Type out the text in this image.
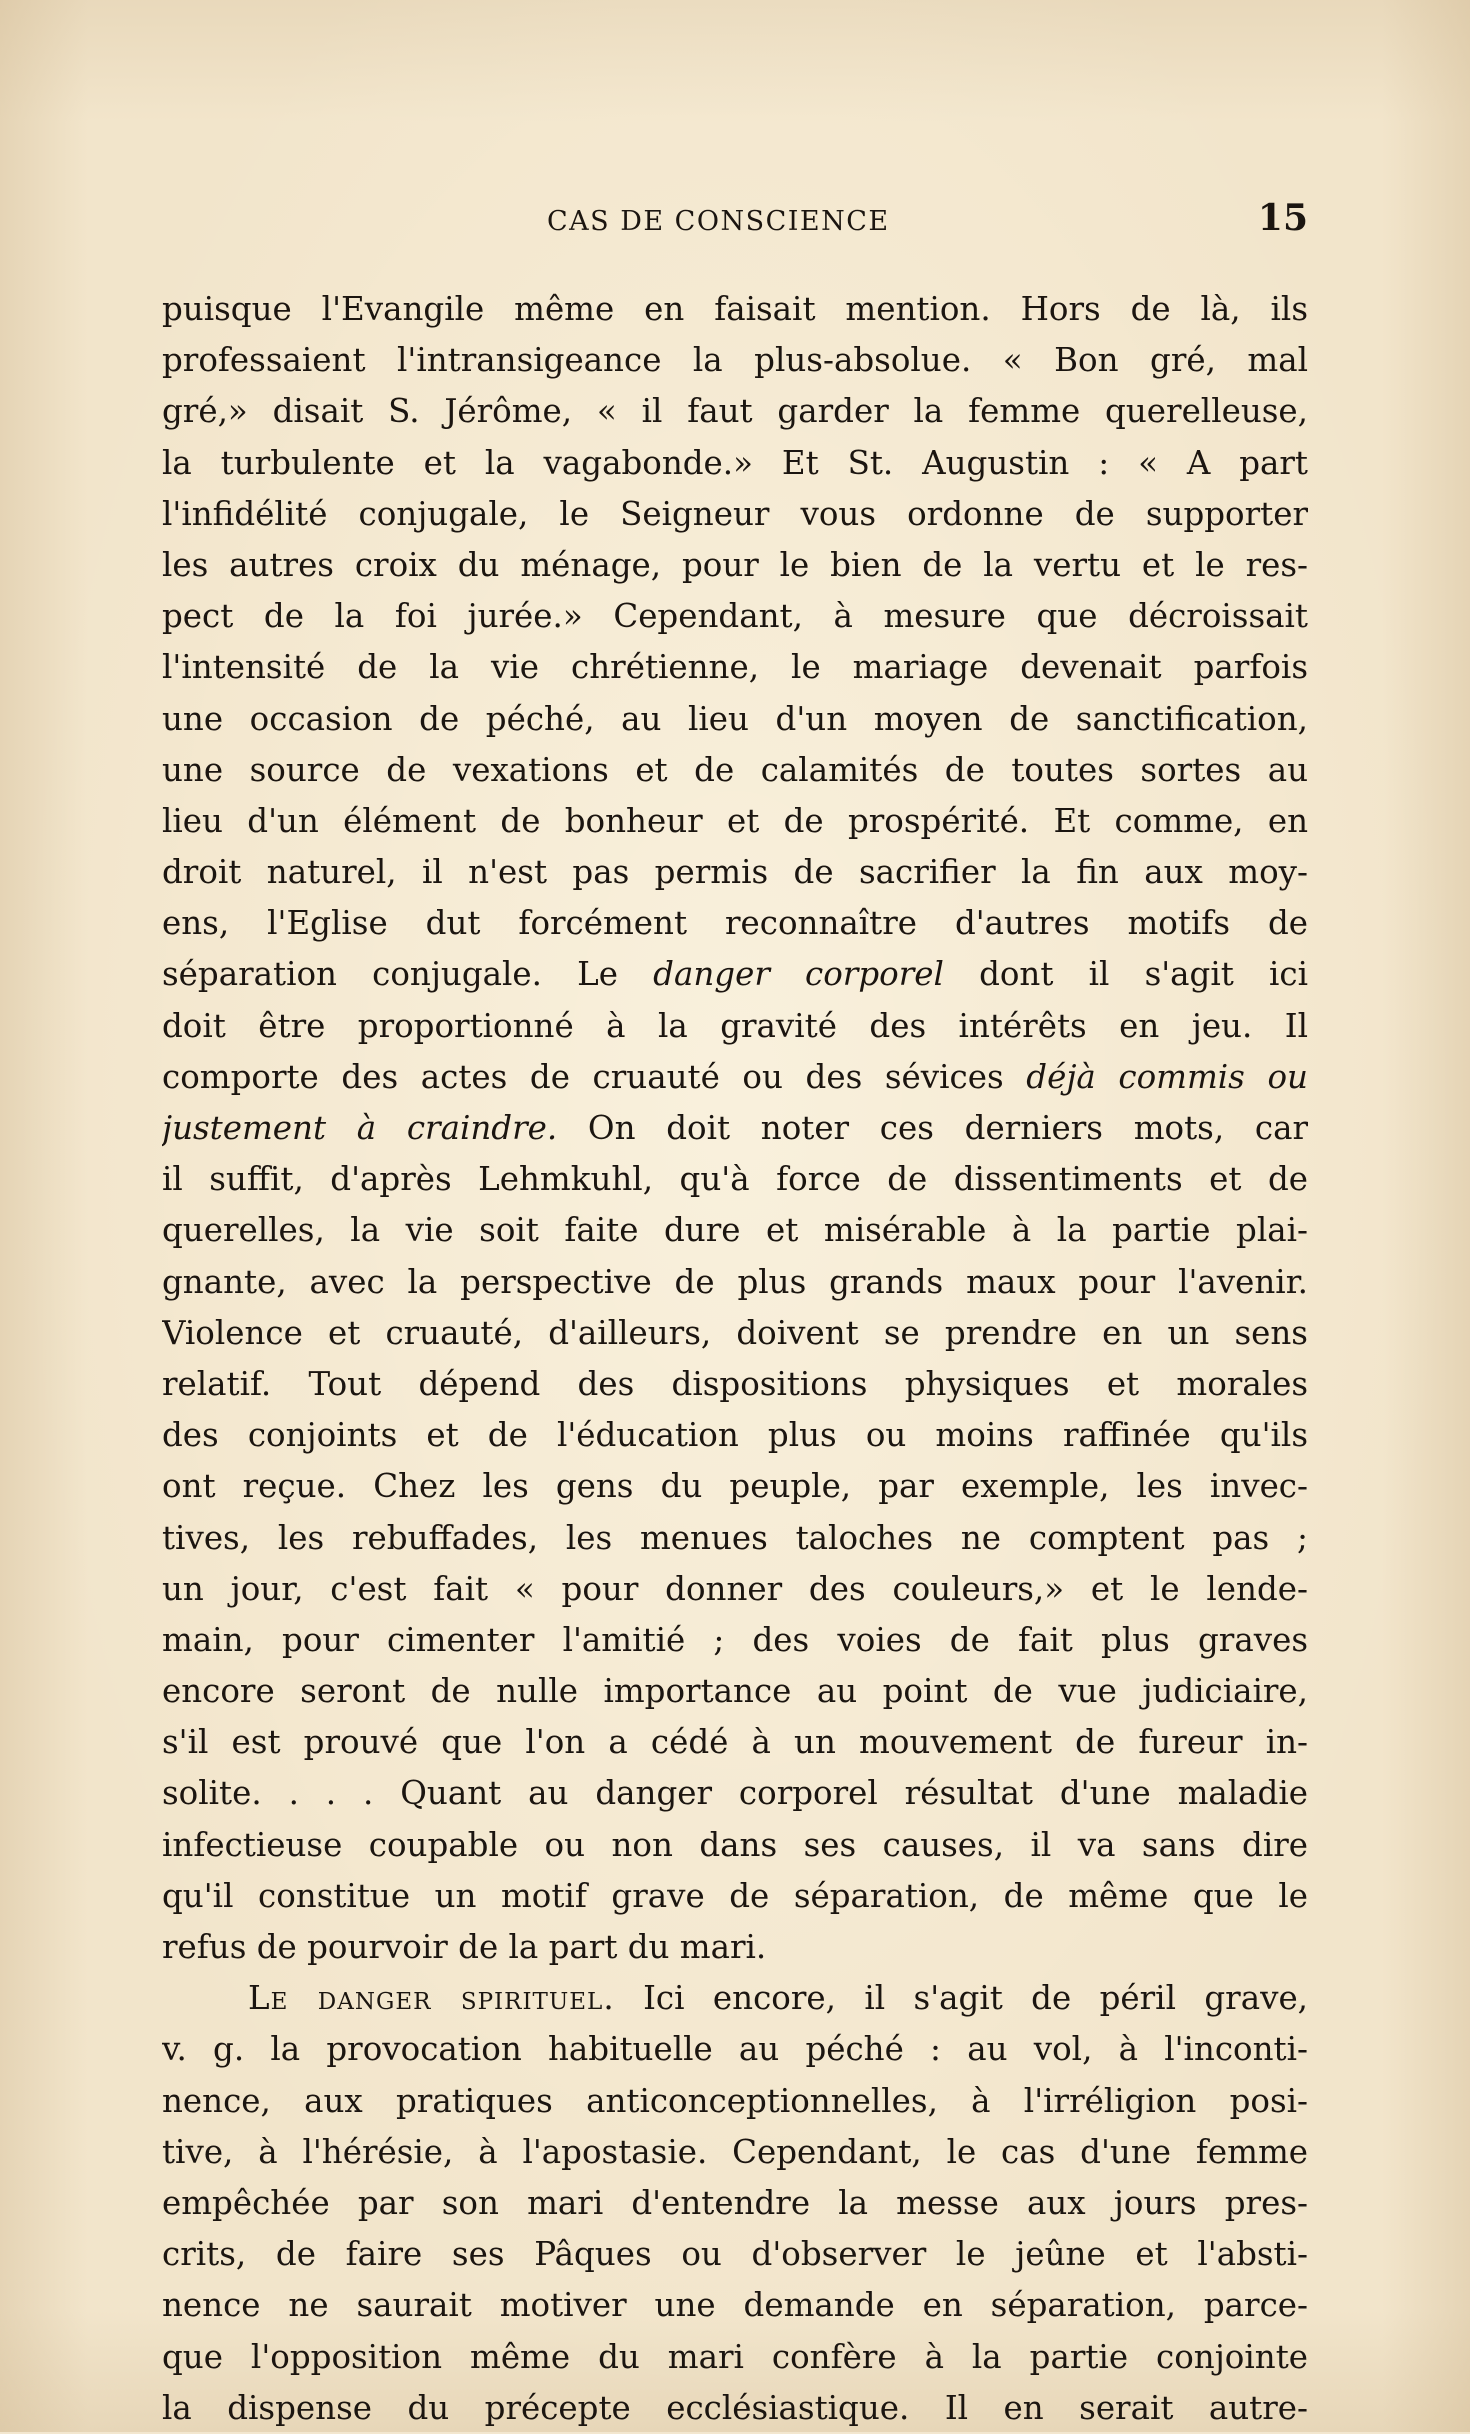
CAS DE CONSCIENCE	15
puisque l'Evangile même en faisait mention. Hors de là, ils
professaient l'intransigeance la plus-absolue. « Bon gré, mal
gré,» disait S. Jérôme, « il faut garder la femme querelleuse,
la turbulente et la vagabonde.» Et St. Augustin : « A part
l'infidélité conjugale, le Seigneur vous ordonne de supporter
les autres croix du ménage, pour le bien de la vertu et le res-
pect de la foi jurée.» Cependant, à mesure que décroissait
l'intensité de la vie chrétienne, le mariage devenait parfois
une occasion de péché, au lieu d'un moyen de sanctification,
une source de vexations et de calamités de toutes sortes au
lieu d'un élément de bonheur et de prospérité. Et comme, en
droit naturel, il n'est pas permis de sacrifier la fin aux moy-
ens, l'Eglise dut forcément reconnaître d'autres motifs de
séparation conjugale. Le danger corporel dont il s'agit ici
doit être proportionné à la gravité des intérêts en jeu. Il
comporte des actes de cruauté ou des sévices déjà commis ou
justement à craindre. On doit noter ces derniers mots, car
il suffit, d'après Lehmkuhl, qu'à force de dissentiments et de
querelles, la vie soit faite dure et misérable à la partie plai-
gnante, avec la perspective de plus grands maux pour l'avenir.
Violence et cruauté, d'ailleurs, doivent se prendre en un sens
relatif. Tout dépend des dispositions physiques et morales
des conjoints et de l'éducation plus ou moins raffinée qu'ils
ont reçue. Chez les gens du peuple, par exemple, les invec-
tives, les rebuffades, les menues taloches ne comptent pas ;
un jour, c'est fait « pour donner des couleurs,» et le lende-
main, pour cimenter l'amitié ; des voies de fait plus graves
encore seront de nulle importance au point de vue judiciaire,
s'il est prouvé que l'on a cédé à un mouvement de fureur in-
solite. . . . Quant au danger corporel résultat d'une maladie
infectieuse coupable ou non dans ses causes, il va sans dire
qu'il constitue un motif grave de séparation, de même que le
refus de pourvoir de la part du mari.
Le danger spirituel. Ici encore, il s'agit de péril grave,
v. g. la provocation habituelle au péché : au vol, à l'inconti-
nence, aux pratiques anticonceptionnelles, à l'irréligion posi-
tive, à l'hérésie, à l'apostasie. Cependant, le cas d'une femme
empêchée par son mari d'entendre la messe aux jours pres-
crits, de faire ses Pâques ou d'observer le jeûne et l'absti-
nence ne saurait motiver une demande en séparation, parce-
que l'opposition même du mari confère à la partie conjointe
la dispense du précepte ecclésiastique. Il en serait autre-
